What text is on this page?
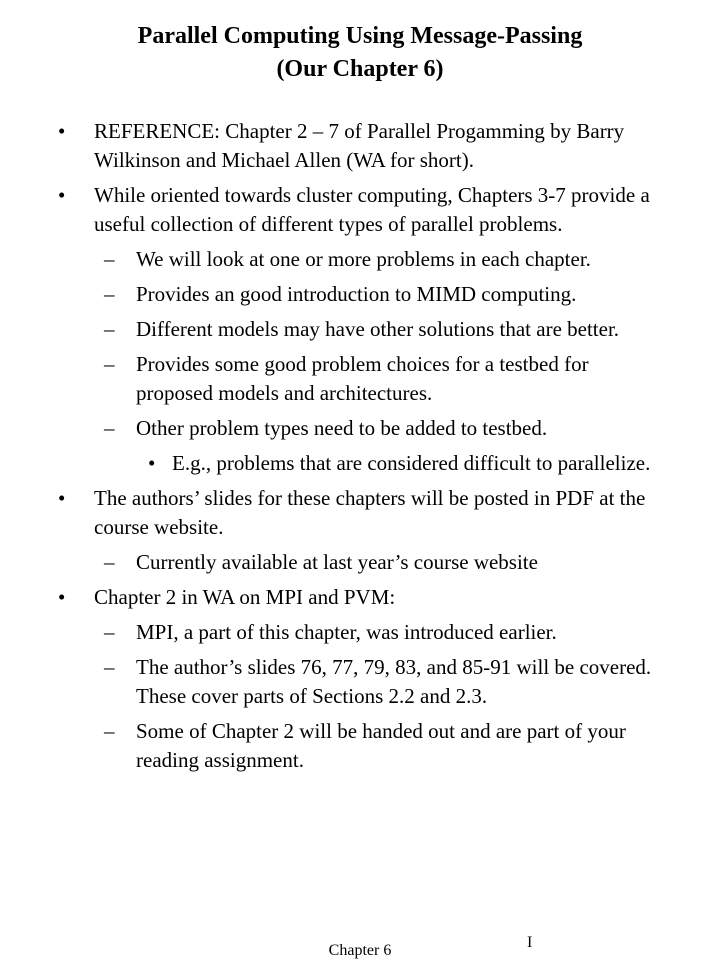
Parallel Computing Using Message-Passing
(Our Chapter 6)
• REFERENCE: Chapter 2 – 7 of Parallel Progamming by Barry Wilkinson and Michael Allen (WA for short).
• While oriented towards cluster computing, Chapters 3-7 provide a useful collection of different types of parallel problems.
– We will look at one or more problems in each chapter.
– Provides an good introduction to MIMD computing.
– Different models may have other solutions that are better.
– Provides some good problem choices for a testbed for proposed models and architectures.
– Other problem types need to be added to testbed.
• E.g., problems that are considered difficult to parallelize.
• The authors’ slides for these chapters will be posted in PDF at the course website.
– Currently available at last year’s course website
• Chapter 2 in WA on MPI and PVM:
– MPI, a part of this chapter, was introduced earlier.
– The author’s slides 76, 77, 79, 83, and 85-91 will be covered. These cover parts of Sections 2.2 and 2.3.
– Some of Chapter 2 will be handed out and are part of your reading assignment.
I
Chapter 6
